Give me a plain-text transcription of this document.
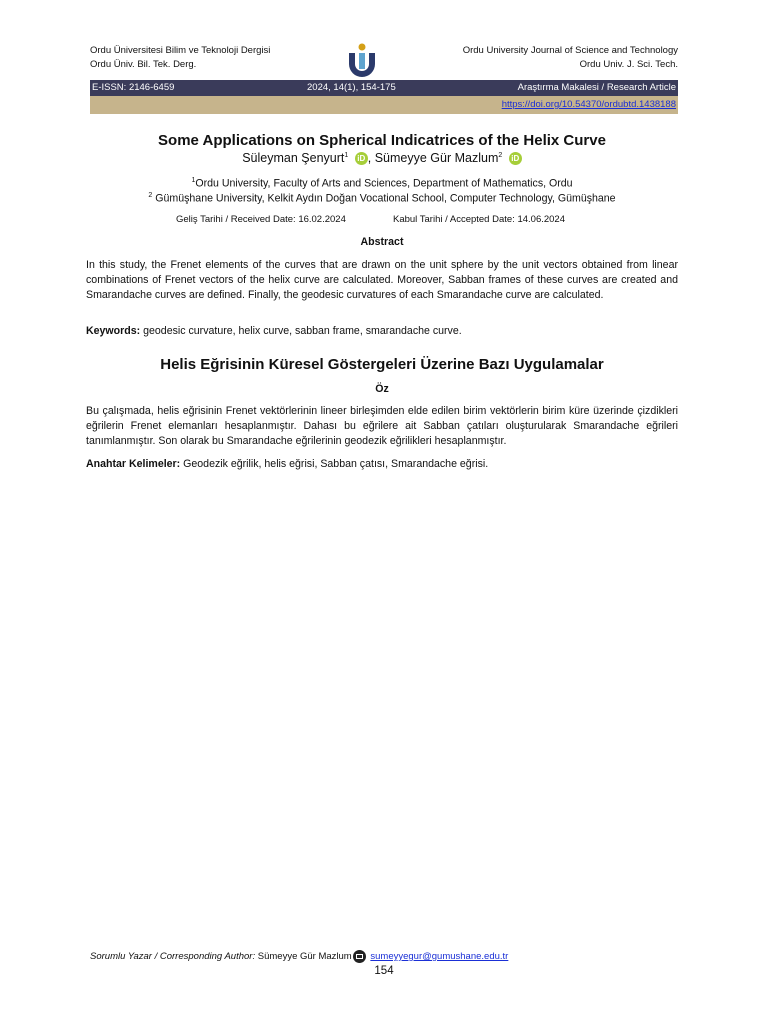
Ordu Üniversitesi Bilim ve Teknoloji Dergisi
Ordu Üniv. Bil. Tek. Derg.
Ordu University Journal of Science and Technology
Ordu Univ. J. Sci. Tech.
E-ISSN: 2146-6459	2024, 14(1), 154-175	Araştırma Makalesi / Research Article
https://doi.org/10.54370/ordubtd.1438188
Some Applications on Spherical Indicatrices of the Helix Curve
Süleyman Şenyurt$^1$ iD , Sümeyye Gür Mazlum$^2$ iD
$^1$Ordu University, Faculty of Arts and Sciences, Department of Mathematics, Ordu
$^2$ Gümüşhane University, Kelkit Aydın Doğan Vocational School, Computer Technology, Gümüşhane
Geliş Tarihi / Received Date: 16.02.2024	Kabul Tarihi / Accepted Date: 14.06.2024
Abstract
In this study, the Frenet elements of the curves that are drawn on the unit sphere by the unit vectors obtained from linear combinations of Frenet vectors of the helix curve are calculated. Moreover, Sabban frames of these curves are created and Smarandache curves are defined. Finally, the geodesic curvatures of each Smarandache curve are calculated.
Keywords: geodesic curvature, helix curve, sabban frame, smarandache curve.
Helis Eğrisinin Küresel Göstergeleri Üzerine Bazı Uygulamalar
Öz
Bu çalışmada, helis eğrisinin Frenet vektörlerinin lineer birleşimden elde edilen birim vektörlerin birim küre üzerinde çizdikleri eğrilerin Frenet elemanları hesaplanmıştır. Dahası bu eğrilere ait Sabban çatıları oluşturularak Smarandache eğrileri tanımlanmıştır. Son olarak bu Smarandache eğrilerinin geodezik eğrilikleri hesaplanmıştır.
Anahtar Kelimeler: Geodezik eğrilik, helis eğrisi, Sabban çatısı, Smarandache eğrisi.
Sorumlu Yazar / Corresponding Author: Sümeyye Gür Mazlum sumeyyegur@gumushane.edu.tr
154
